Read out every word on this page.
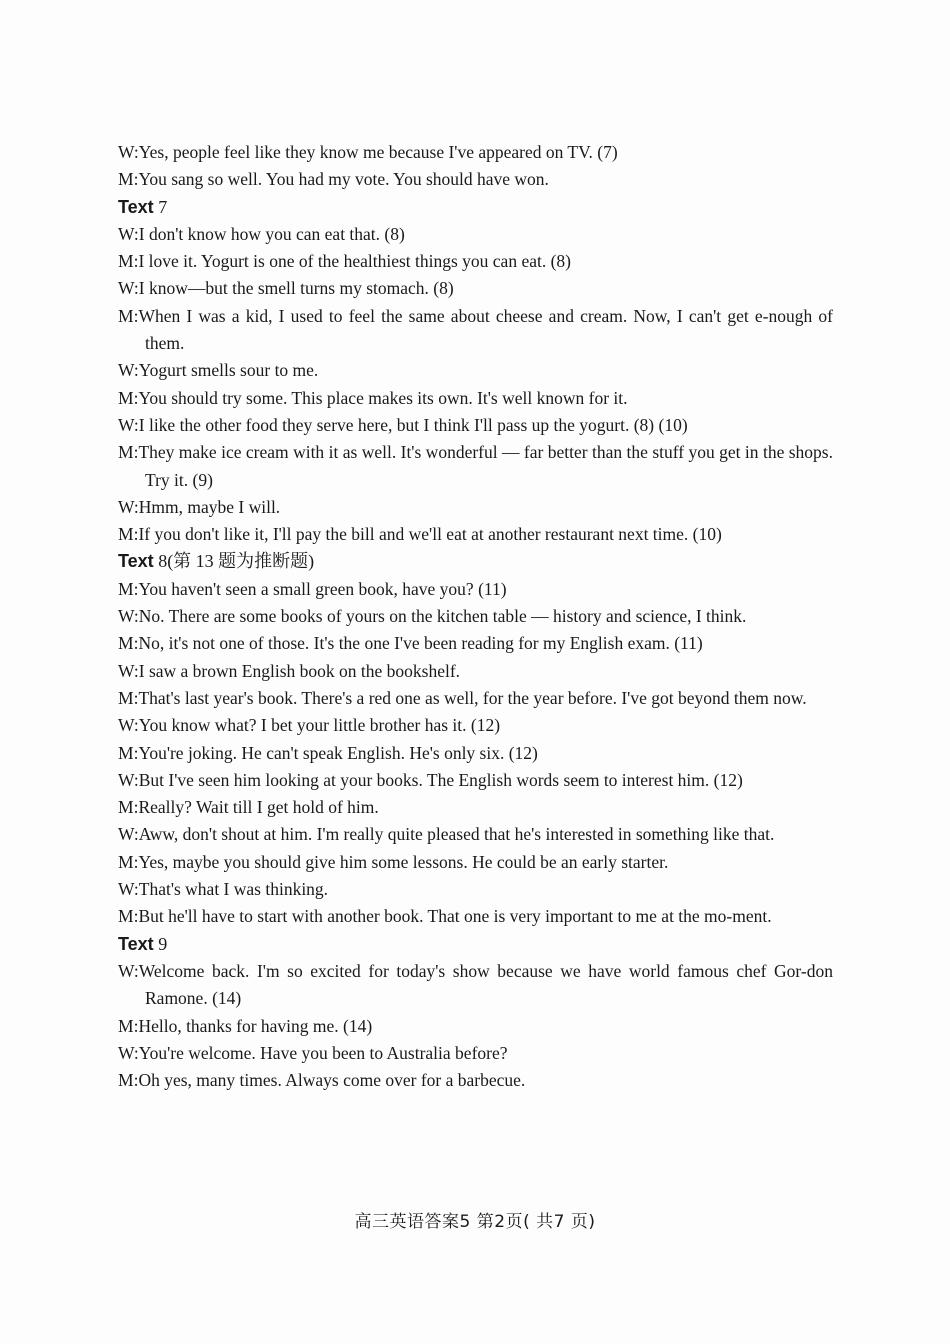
W:Yes, people feel like they know me because I've appeared on TV. (7)
M:You sang so well. You had my vote. You should have won.
Text 7
W:I don't know how you can eat that. (8)
M:I love it. Yogurt is one of the healthiest things you can eat. (8)
W:I know—but the smell turns my stomach. (8)
M:When I was a kid, I used to feel the same about cheese and cream. Now, I can't get e-nough of them.
W:Yogurt smells sour to me.
M:You should try some. This place makes its own. It's well known for it.
W:I like the other food they serve here, but I think I'll pass up the yogurt. (8) (10)
M:They make ice cream with it as well. It's wonderful — far better than the stuff you get in the shops. Try it. (9)
W:Hmm, maybe I will.
M:If you don't like it, I'll pay the bill and we'll eat at another restaurant next time. (10)
Text 8(第 13 题为推断题)
M:You haven't seen a small green book, have you? (11)
W:No. There are some books of yours on the kitchen table — history and science, I think.
M:No, it's not one of those. It's the one I've been reading for my English exam. (11)
W:I saw a brown English book on the bookshelf.
M:That's last year's book. There's a red one as well, for the year before. I've got beyond them now.
W:You know what? I bet your little brother has it. (12)
M:You're joking. He can't speak English. He's only six. (12)
W:But I've seen him looking at your books. The English words seem to interest him. (12)
M:Really? Wait till I get hold of him.
W:Aww, don't shout at him. I'm really quite pleased that he's interested in something like that.
M:Yes, maybe you should give him some lessons. He could be an early starter.
W:That's what I was thinking.
M:But he'll have to start with another book. That one is very important to me at the mo-ment.
Text 9
W:Welcome back. I'm so excited for today's show because we have world famous chef Gor-don Ramone. (14)
M:Hello, thanks for having me. (14)
W:You're welcome. Have you been to Australia before?
M:Oh yes, many times. Always come over for a barbecue.
高三英语答案5 第2页( 共7 页)
